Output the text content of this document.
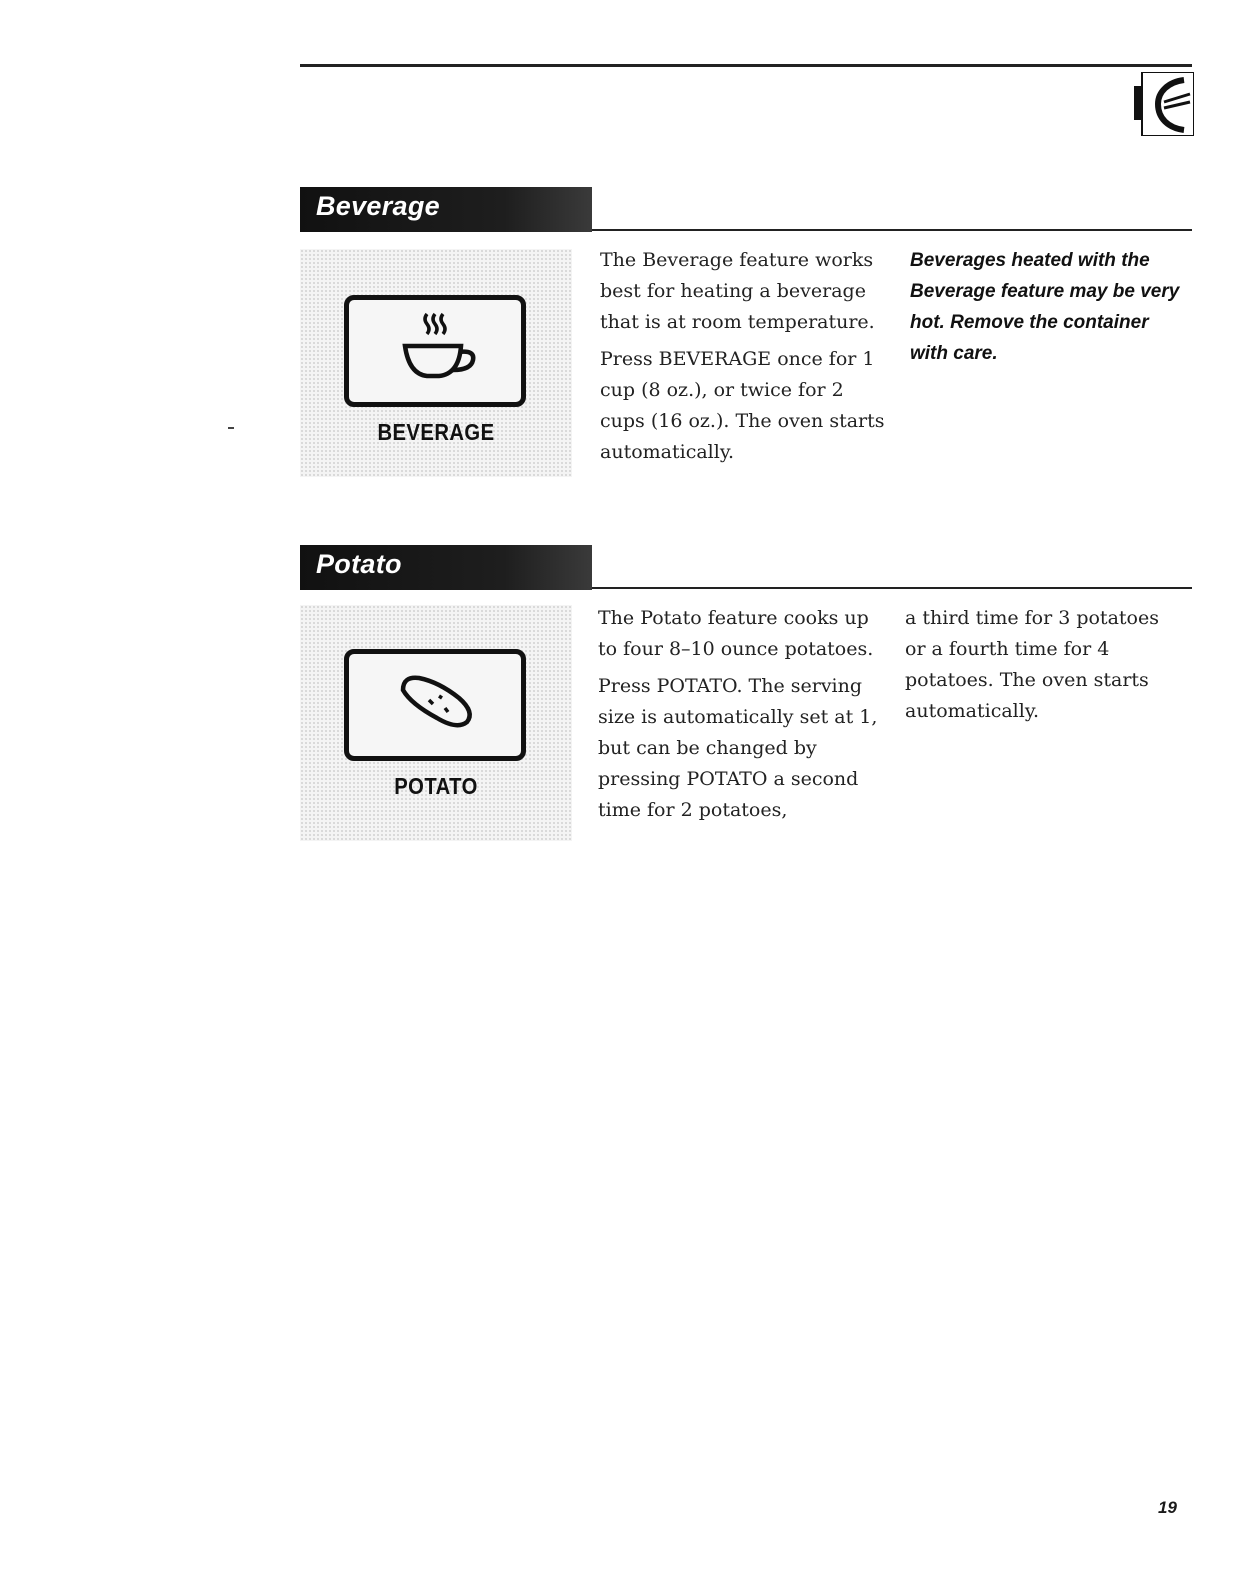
Beverage
BEVERAGE

The Beverage feature works best for heating a beverage that is at room temperature.

Press BEVERAGE once for 1 cup (8 oz.), or twice for 2 cups (16 oz.). The oven starts automatically.

Beverages heated with the Beverage feature may be very hot. Remove the container with care.
Potato
POTATO

The Potato feature cooks up to four 8–10 ounce potatoes.

Press POTATO. The serving size is automatically set at 1, but can be changed by pressing POTATO a second time for 2 potatoes,

a third time for 3 potatoes or a fourth time for 4 potatoes. The oven starts automatically.
19
